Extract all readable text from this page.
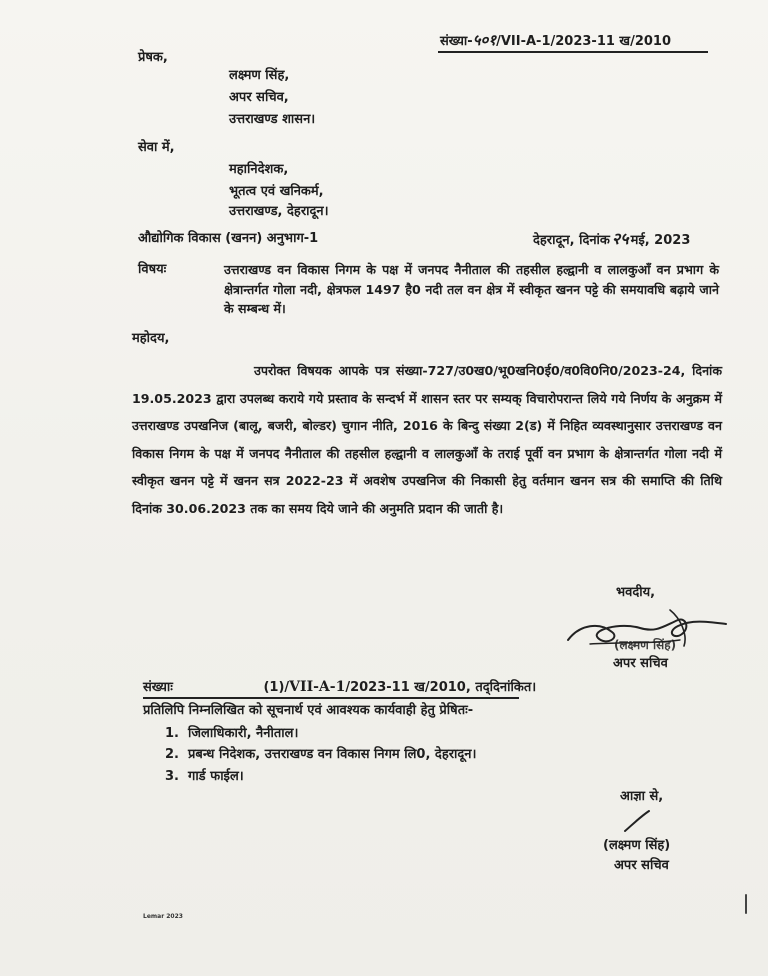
संख्या-५०१/VII-A-1/2023-11 ख/2010
प्रेषक,
लक्ष्मण सिंह,
अपर सचिव,
उत्तराखण्ड शासन।
सेवा में,
महानिदेशक,
भूतत्व एवं खनिकर्म,
उत्तराखण्ड, देहरादून।
औद्योगिक विकास (खनन) अनुभाग-1	देहरादून, दिनांक २५ मई, 2023
विषयः	उत्तराखण्ड वन विकास निगम के पक्ष में जनपद नैनीताल की तहसील हल्द्वानी व लालकुआँ वन प्रभाग के क्षेत्रान्तर्गत गोला नदी, क्षेत्रफल 1497 है0 नदी तल वन क्षेत्र में स्वीकृत खनन पट्टे की समयावधि बढ़ाये जाने के सम्बन्ध में।
महोदय,
उपरोक्त विषयक आपके पत्र संख्या-727/उ0ख0/भू0खनि0ई0/व0वि0नि0/2023-24, दिनांक 19.05.2023 द्वारा उपलब्ध कराये गये प्रस्ताव के सन्दर्भ में शासन स्तर पर सम्यक् विचारोपरान्त लिये गये निर्णय के अनुक्रम में उत्तराखण्ड उपखनिज (बालू, बजरी, बोल्डर) चुगान नीति, 2016 के बिन्दु संख्या 2(ड) में निहित व्यवस्थानुसार उत्तराखण्ड वन विकास निगम के पक्ष में जनपद नैनीताल की तहसील हल्द्वानी व लालकुआँ के तराई पूर्वी वन प्रभाग के क्षेत्रान्तर्गत गोला नदी में स्वीकृत खनन पट्टे में खनन सत्र 2022-23 में अवशेष उपखनिज की निकासी हेतु वर्तमान खनन सत्र की समाप्ति की तिथि दिनांक 30.06.2023 तक का समय दिये जाने की अनुमति प्रदान की जाती है।
भवदीय,
(लक्ष्मण सिंह)
अपर सचिव
संख्याः	(1)/VII-A-1/2023-11 ख/2010, तद्‌दिनांकित।
प्रतिलिपि निम्नलिखित को सूचनार्थ एवं आवश्यक कार्यवाही हेतु प्रेषितः-
1. जिलाधिकारी, नैनीताल।
2. प्रबन्ध निदेशक, उत्तराखण्ड वन विकास निगम लि0, देहरादून।
3. गार्ड फाईल।
आज्ञा से,
(लक्ष्मण सिंह)
अपर सचिव
Lemar 2023
